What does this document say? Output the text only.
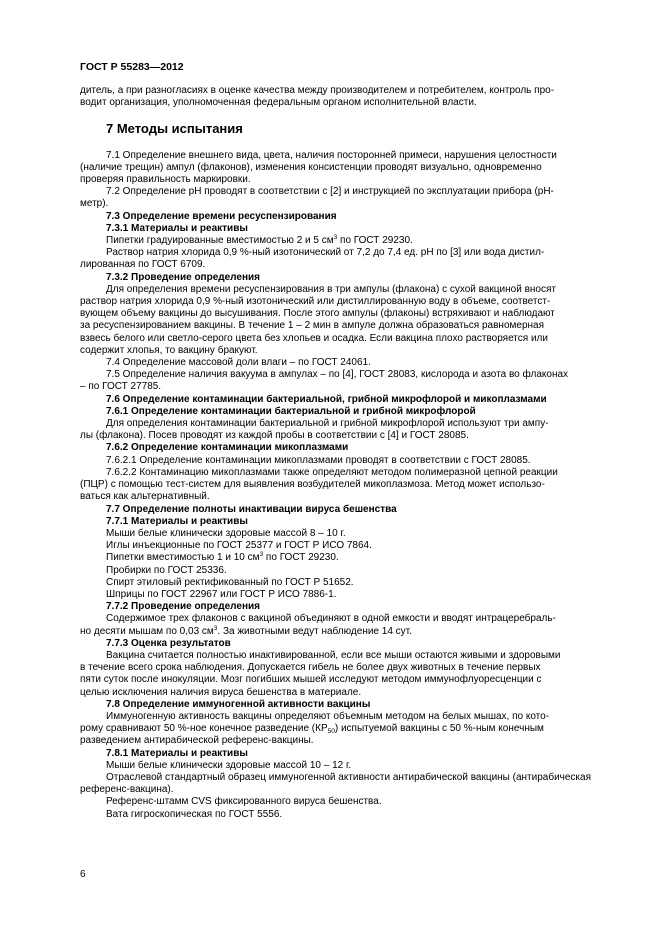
ГОСТ Р 55283—2012

дитель, а при разногласиях в оценке качества между производителем и потребителем, контроль про-
водит организация, уполномоченная федеральным органом исполнительной власти.

7 Методы испытания

7.1 Определение внешнего вида, цвета, наличия посторонней примеси, нарушения целостности
(наличие трещин) ампул (флаконов), изменения консистенции проводят визуально, одновременно
проверяя правильность маркировки.

7.2 Определение pH проводят в соответствии с [2] и инструкцией по эксплуатации прибора (pH-
метр).

7.3 Определение времени ресуспензирования

7.3.1 Материалы и реактивы

Пипетки градуированные вместимостью 2 и 5 $см^3$ по ГОСТ 29230.

Раствор натрия хлорида 0,9 %-ный изотонический от 7,2 до 7,4 ед. pH по [3] или вода дистил-
лированная по ГОСТ 6709.

7.3.2 Проведение определения

Для определения времени ресуспензирования в три ампулы (флакона) с сухой вакциной вносят
раствор натрия хлорида 0,9 %-ный изотонический или дистиллированную воду в объеме, соответст-
вующем объему вакцины до высушивания. После этого ампулы (флаконы) встряхивают и наблюдают
за ресуспензированием вакцины. В течение 1 – 2 мин в ампуле должна образоваться равномерная
взвесь белого или светло-серого цвета без хлопьев и осадка. Если вакцина плохо растворяется или
содержит хлопья, то вакцину бракуют.

7.4 Определение массовой доли влаги – по ГОСТ 24061.

7.5 Определение наличия вакуума в ампулах – по [4], ГОСТ 28083, кислорода и азота во флаконах
– по ГОСТ 27785.

7.6 Определение контаминации бактериальной, грибной микрофлорой и микоплазмами

7.6.1 Определение контаминации бактериальной и грибной микрофлорой

Для определения контаминации бактериальной и грибной микрофлорой используют три ампу-
лы (флакона). Посев проводят из каждой пробы в соответствии с [4] и ГОСТ 28085.

7.6.2 Определение контаминации микоплазмами

7.6.2.1 Определение контаминации микоплазмами проводят в соответствии с ГОСТ 28085.

7.6.2.2 Контаминацию микоплазмами также определяют методом полимеразной цепной реакции
(ПЦР) с помощью тест-систем для выявления возбудителей микоплазмоза. Метод может использо-
ваться как альтернативный.

7.7 Определение полноты инактивации вируса бешенства

7.7.1 Материалы и реактивы

Мыши белые клинически здоровые массой 8 – 10 г.

Иглы инъекционные по ГОСТ 25377 и ГОСТ Р ИСО 7864.

Пипетки вместимостью 1 и 10 $см^3$ по ГОСТ 29230.

Пробирки по ГОСТ 25336.

Спирт этиловый ректификованный по ГОСТ Р 51652.

Шприцы по ГОСТ 22967 или ГОСТ Р ИСО 7886-1.

7.7.2 Проведение определения

Содержимое трех флаконов с вакциной объединяют в одной емкости и вводят интрацеребраль-
но десяти мышам по 0,03 $см^3$. За животными ведут наблюдение 14 сут.

7.7.3 Оценка результатов

Вакцина считается полностью инактивированной, если все мыши остаются живыми и здоровыми
в течение всего срока наблюдения. Допускается гибель не более двух животных в течение первых
пяти суток после инокуляции. Мозг погибших мышей исследуют методом иммунофлуоресценции с
целью исключения наличия вируса бешенства в материале.

7.8 Определение иммуногенной активности вакцины

Иммуногенную активность вакцины определяют объемным методом на белых мышах, по кото-
рому сравнивают 50 %-ное конечное разведение $(КР_{50})$ испытуемой вакцины с 50 %-ным конечным
разведением антирабической референс-вакцины.

7.8.1 Материалы и реактивы

Мыши белые клинически здоровые массой 10 – 12 г.

Отраслевой стандартный образец иммуногенной активности антирабической вакцины (антирабическая
референс-вакцина).

Референс-штамм CVS фиксированного вируса бешенства.

Вата гигроскопическая по ГОСТ 5556.

6
